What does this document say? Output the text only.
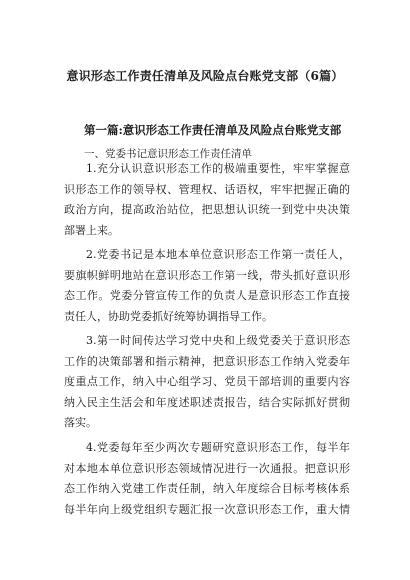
意识形态工作责任清单及风险点台账党支部（6篇）
第一篇:意识形态工作责任清单及风险点台账党支部
一、党委书记意识形态工作责任清单
1.充分认识意识形态工作的极端重要性，牢牢掌握意
识形态工作的领导权、管理权、话语权，牢牢把握正确的
政治方向，提高政治站位，把思想认识统一到党中央决策
部署上来。
2.党委书记是本地本单位意识形态工作第一责任人，
要旗帜鲜明地站在意识形态工作第一线，带头抓好意识形
态工作。党委分管宣传工作的负责人是意识形态工作直接
责任人，协助党委抓好统筹协调指导工作。
3.第一时间传达学习党中央和上级党委关于意识形态
工作的决策部署和指示精神，把意识形态工作纳入党委年
度重点工作，纳入中心组学习、党员干部培训的重要内容
纳入民主生活会和年度述职述责报告，结合实际抓好贯彻
落实。
4.党委每年至少两次专题研究意识形态工作，每半年
对本地本单位意识形态领域情况进行一次通报。把意识形
态工作纳入党建工作责任制，纳入年度综合目标考核体系
每半年向上级党组织专题汇报一次意识形态工作，重大情
